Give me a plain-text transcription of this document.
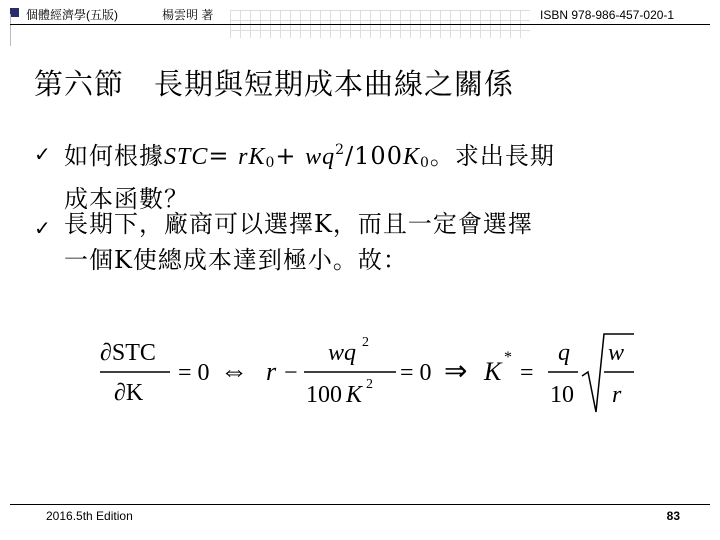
個體經濟學(五版)	楊雲明 著	ISBN 978-986-457-020-1
第六節　長期與短期成本曲線之關係
✓ 如何根據$STC= rK_0+ wq^2/100K_0$。求出長期
成本函數？
✓ 長期下，廠商可以選擇K，而且一定會選擇
一個K使總成本達到極小。故：
∂STC
∂K
= 0 ⇔ r −
wq 2
100 K 2 = 0 ⇒ K *
=
q
10
w
r
2016.5th Edition	83
